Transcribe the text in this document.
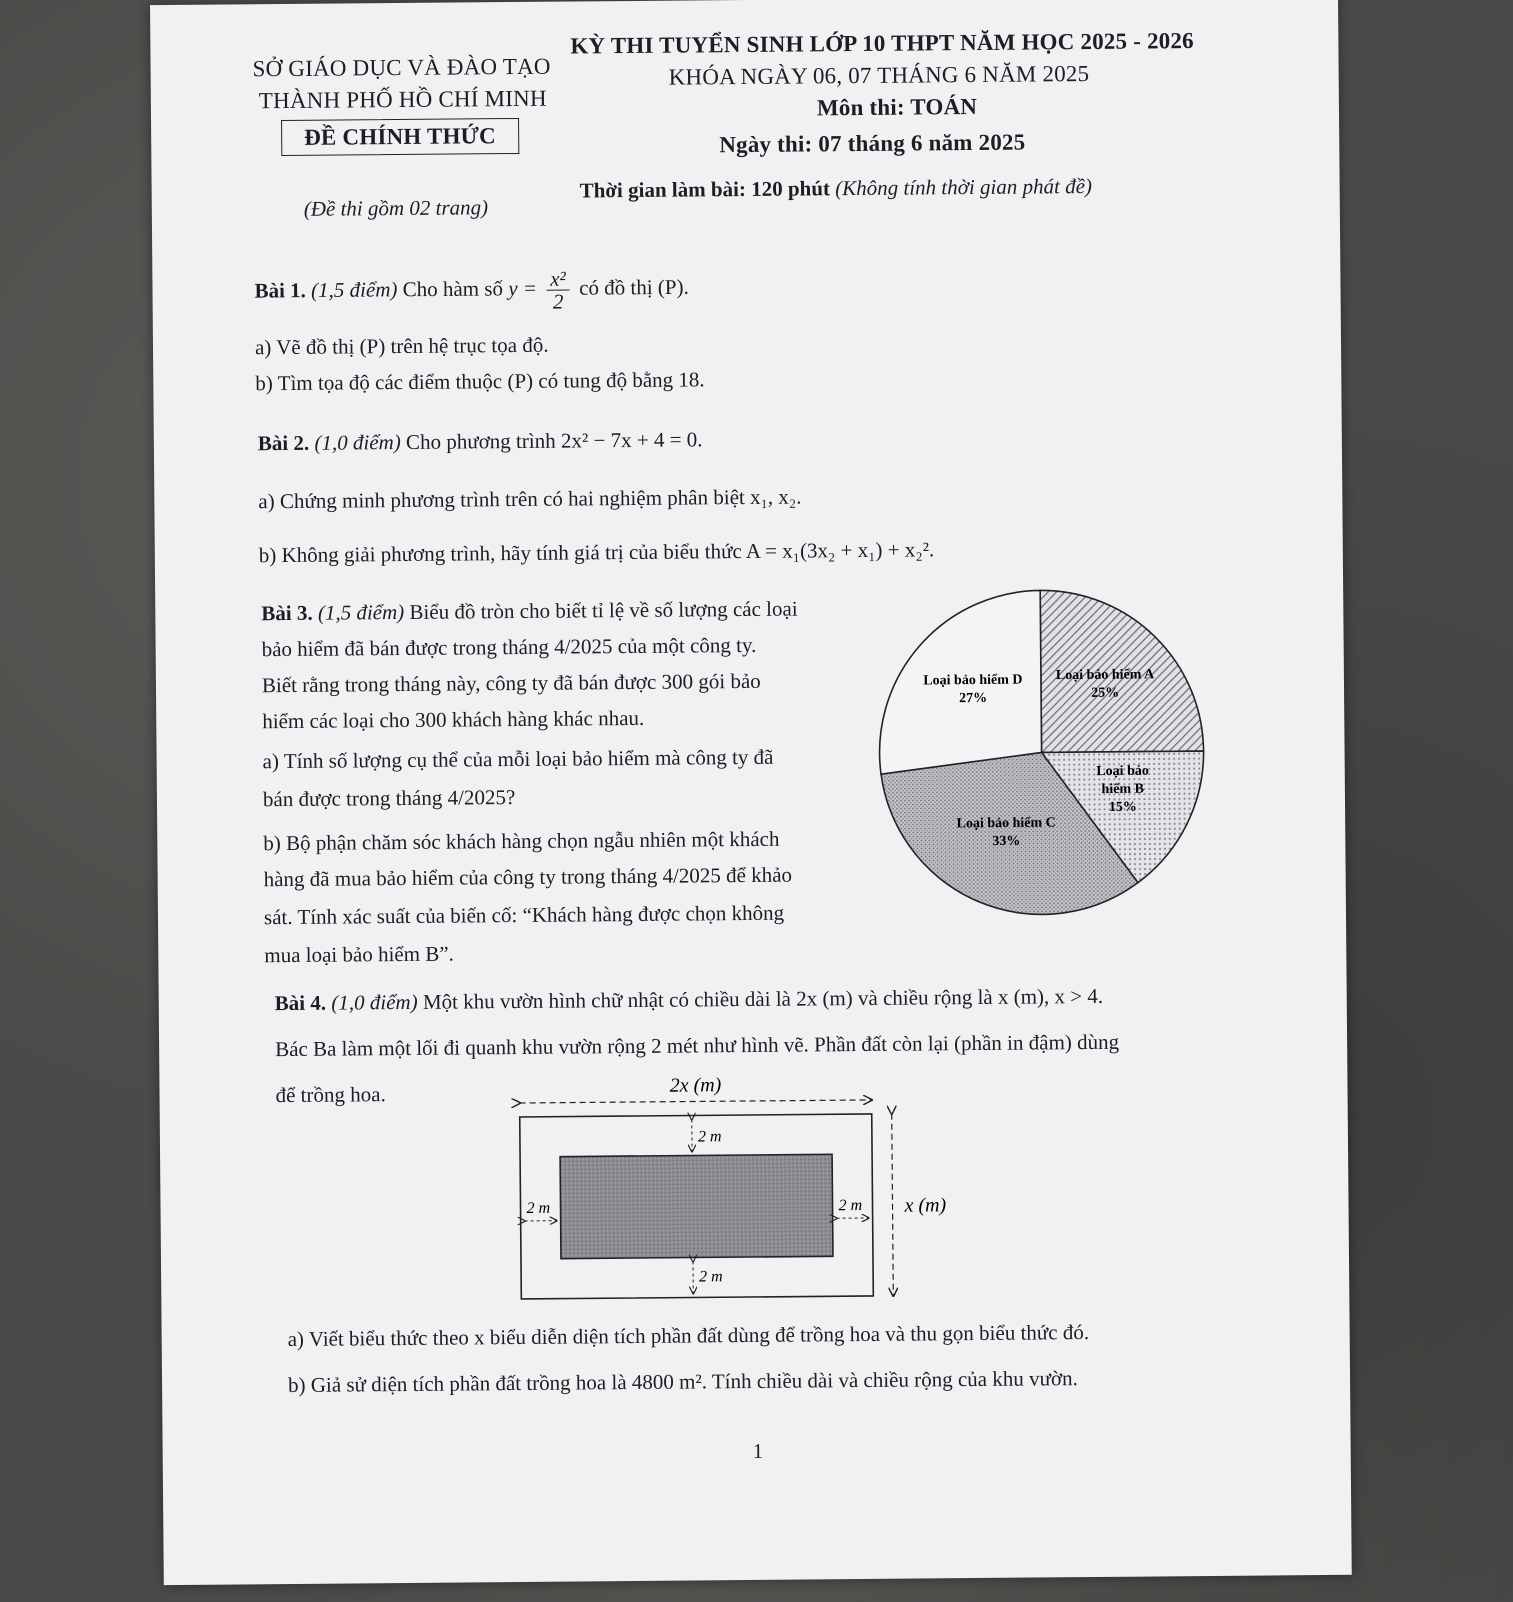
SỞ GIÁO DỤC VÀ ĐÀO TẠO
THÀNH PHỐ HỒ CHÍ MINH
ĐỀ CHÍNH THỨC
(Đề thi gồm 02 trang)
KỲ THI TUYỂN SINH LỚP 10 THPT NĂM HỌC 2025 - 2026
KHÓA NGÀY 06, 07 THÁNG 6 NĂM 2025
Môn thi: TOÁN
Ngày thi: 07 tháng 6 năm 2025
Thời gian làm bài: 120 phút (Không tính thời gian phát đề)
Bài 1. (1,5 điểm) Cho hàm số $y = \frac{\text{x²}}{2}$ có đồ thị (P).
a) Vẽ đồ thị (P) trên hệ trục tọa độ.
b) Tìm tọa độ các điểm thuộc (P) có tung độ bằng 18.
Bài 2. (1,0 điểm) Cho phương trình 2x² − 7x + 4 = 0.
a) Chứng minh phương trình trên có hai nghiệm phân biệt x₁, x₂.
b) Không giải phương trình, hãy tính giá trị của biểu thức A = x₁(3x₂ + x₁) + x₂².
Bài 3. (1,5 điểm) Biểu đồ tròn cho biết tỉ lệ về số lượng các loại
bảo hiểm đã bán được trong tháng 4/2025 của một công ty.
Biết rằng trong tháng này, công ty đã bán được 300 gói bảo
hiểm các loại cho 300 khách hàng khác nhau.
a) Tính số lượng cụ thể của mỗi loại bảo hiểm mà công ty đã
bán được trong tháng 4/2025?
b) Bộ phận chăm sóc khách hàng chọn ngẫu nhiên một khách
hàng đã mua bảo hiểm của công ty trong tháng 4/2025 để khảo
sát. Tính xác suất của biến cố: “Khách hàng được chọn không
mua loại bảo hiểm B”.
Loại bảo hiểm A 25%
Loại bảo hiểm B 15%
Loại bảo hiểm C 33%
Loại bảo hiểm D 27%
Bài 4. (1,0 điểm) Một khu vườn hình chữ nhật có chiều dài là 2x (m) và chiều rộng là x (m), x > 4.
Bác Ba làm một lối đi quanh khu vườn rộng 2 mét như hình vẽ. Phần đất còn lại (phần in đậm) dùng
để trồng hoa.	2x (m)
x (m)
2 m
2 m
2 m	2 m
a) Viết biểu thức theo x biểu diễn diện tích phần đất dùng để trồng hoa và thu gọn biểu thức đó.
b) Giả sử diện tích phần đất trồng hoa là 4800 m². Tính chiều dài và chiều rộng của khu vườn.
1
